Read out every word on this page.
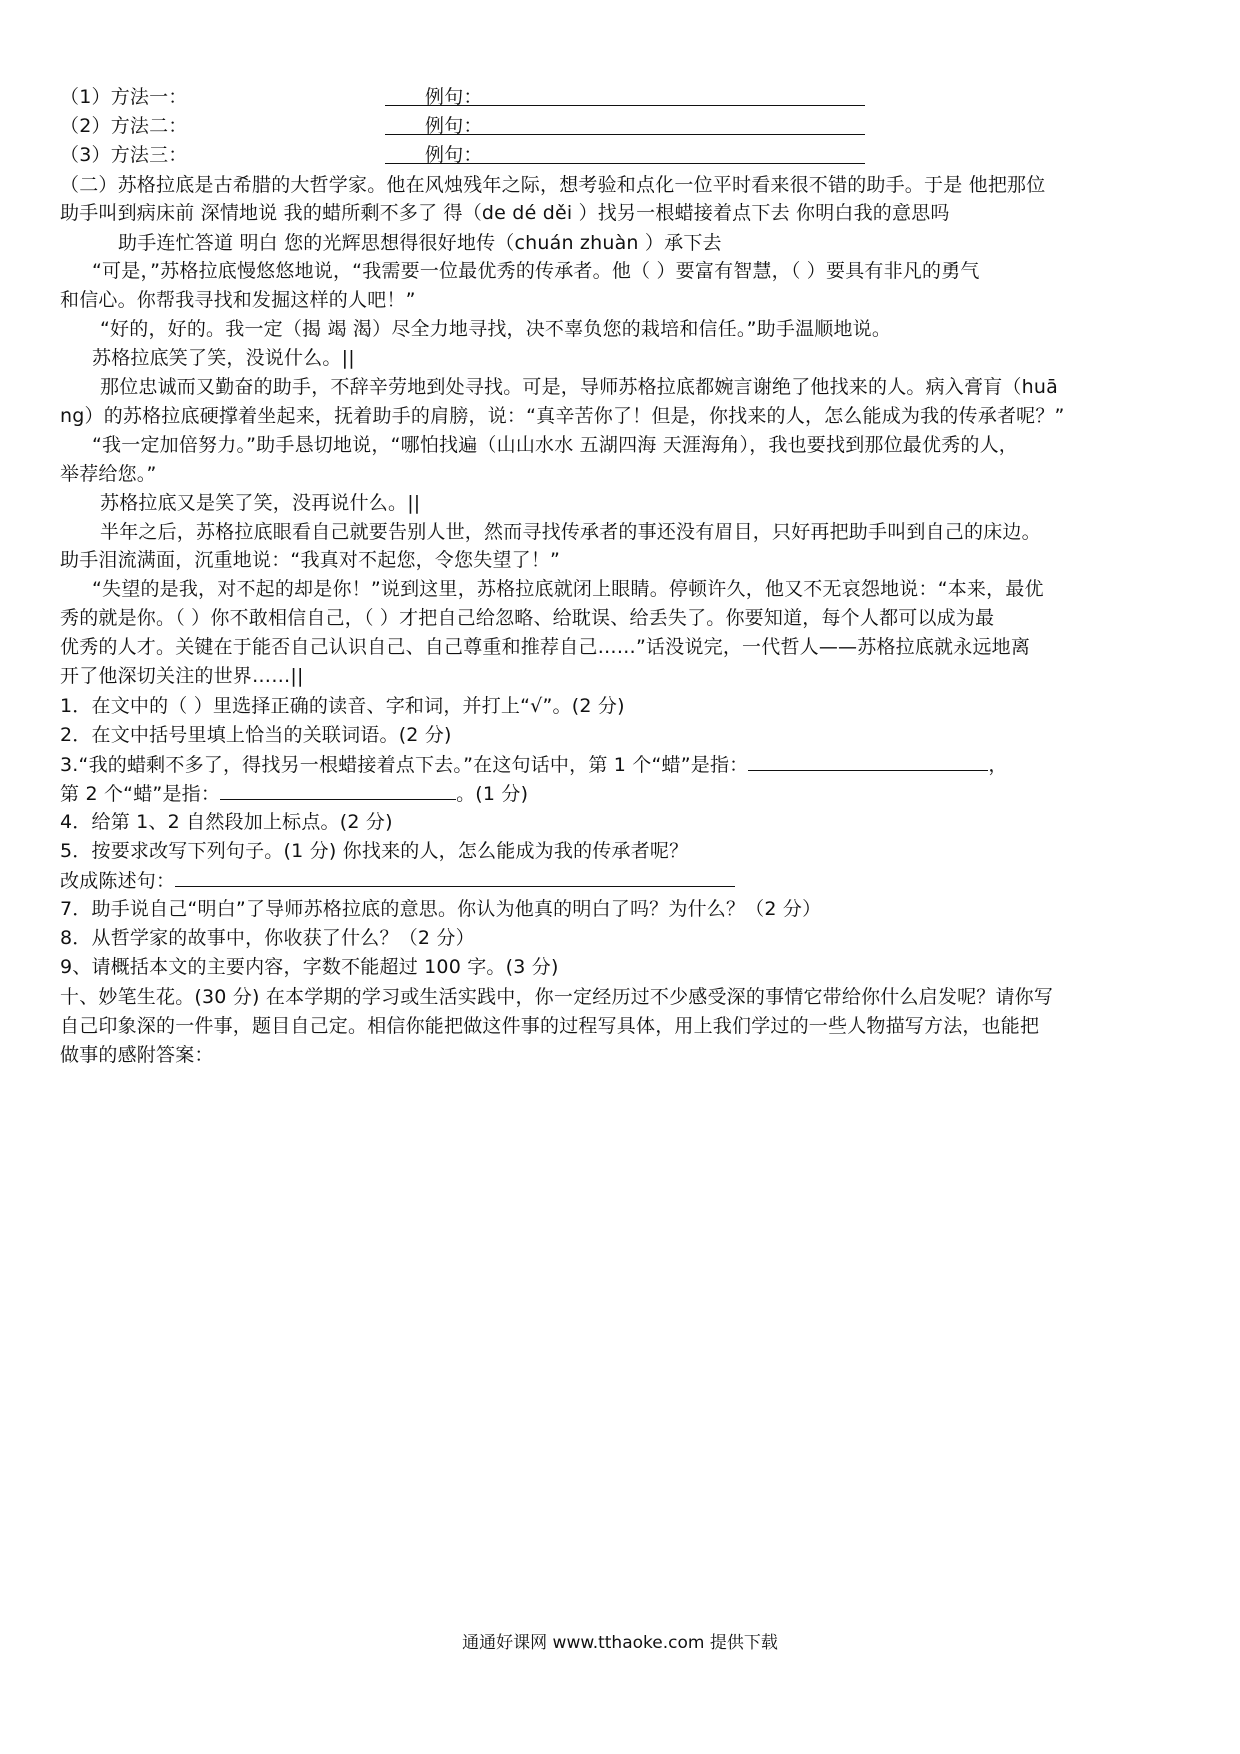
（1）方法一：	例句：
（2）方法二：	例句：
（3）方法三：	例句：
（二）苏格拉底是古希腊的大哲学家。他在风烛残年之际，想考验和点化一位平时看来很不错的助手。于是 他把那位
助手叫到病床前 深情地说 我的蜡所剩不多了 得（de dé děi ）找另一根蜡接着点下去 你明白我的意思吗
助手连忙答道 明白 您的光辉思想得很好地传（chuán zhuàn ）承下去
“可是，”苏格拉底慢悠悠地说，“我需要一位最优秀的传承者。他（ ）要富有智慧，（ ）要具有非凡的勇气
和信心。你帮我寻找和发掘这样的人吧！”
“好的，好的。我一定（揭 竭 渴）尽全力地寻找，决不辜负您的栽培和信任。”助手温顺地说。
苏格拉底笑了笑，没说什么。||
那位忠诚而又勤奋的助手，不辞辛劳地到处寻找。可是，导师苏格拉底都婉言谢绝了他找来的人。病入膏肓（huā
ng）的苏格拉底硬撑着坐起来，抚着助手的肩膀，说：“真辛苦你了！但是，你找来的人，怎么能成为我的传承者呢？”
“我一定加倍努力。”助手恳切地说，“哪怕找遍（山山水水 五湖四海 天涯海角），我也要找到那位最优秀的人，
举荐给您。”
苏格拉底又是笑了笑，没再说什么。||
半年之后，苏格拉底眼看自己就要告别人世，然而寻找传承者的事还没有眉目，只好再把助手叫到自己的床边。
助手泪流满面，沉重地说：“我真对不起您，令您失望了！”
“失望的是我，对不起的却是你！”说到这里，苏格拉底就闭上眼睛。停顿许久，他又不无哀怨地说：“本来，最优
秀的就是你。（ ）你不敢相信自己，（ ）才把自己给忽略、给耽误、给丢失了。你要知道，每个人都可以成为最
优秀的人才。关键在于能否自己认识自己、自己尊重和推荐自己……”话没说完，一代哲人——苏格拉底就永远地离
开了他深切关注的世界……||
1．在文中的（ ）里选择正确的读音、字和词，并打上“√”。(2 分)
2．在文中括号里填上恰当的关联词语。(2 分)
3.“我的蜡剩不多了，得找另一根蜡接着点下去。”在这句话中，第 1 个“蜡”是指：	，
第 2 个“蜡”是指：	。(1 分)
4．给第 1、2 自然段加上标点。(2 分)
5．按要求改写下列句子。(1 分) 你找来的人，怎么能成为我的传承者呢？
改成陈述句：
7．助手说自己“明白”了导师苏格拉底的意思。你认为他真的明白了吗？为什么？（2 分）
8．从哲学家的故事中，你收获了什么？（2 分）
9、请概括本文的主要内容，字数不能超过 100 字。(3 分)
十、妙笔生花。(30 分) 在本学期的学习或生活实践中，你一定经历过不少感受深的事情它带给你什么启发呢？请你写
自己印象深的一件事，题目自己定。相信你能把做这件事的过程写具体，用上我们学过的一些人物描写方法，也能把
做事的感附答案：
通通好课网 www.tthaoke.com 提供下载
